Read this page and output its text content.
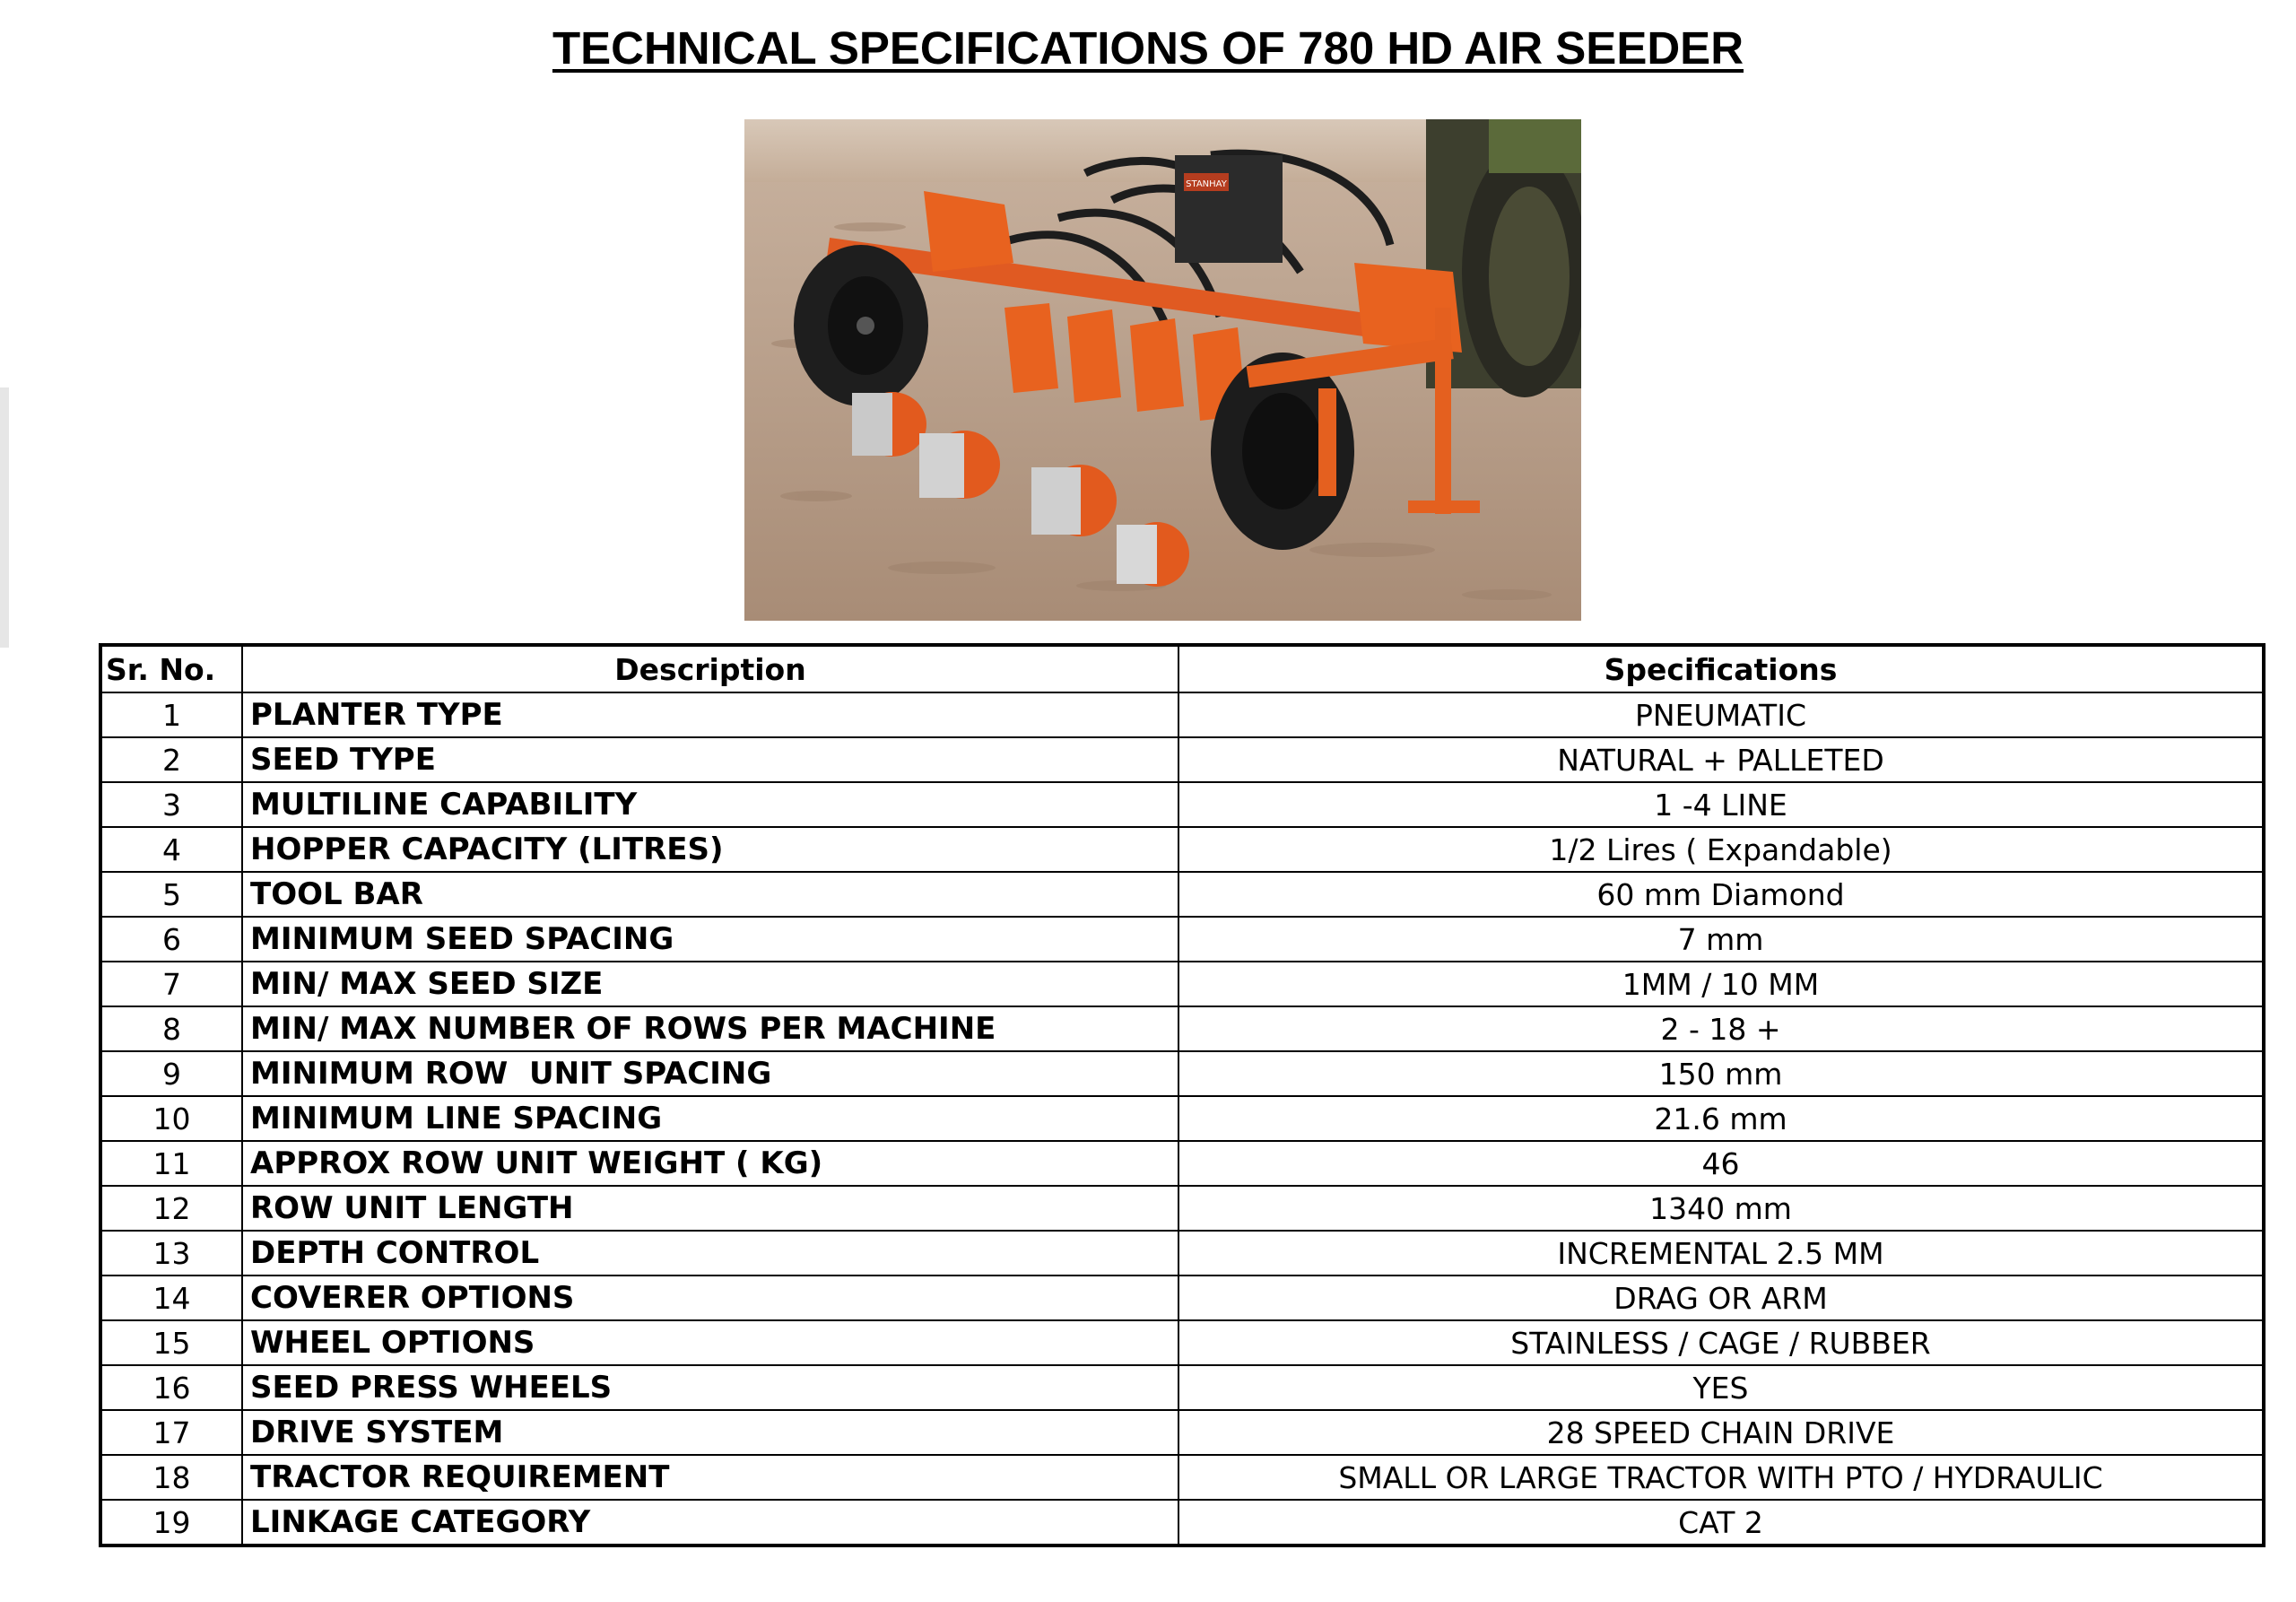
TECHNICAL SPECIFICATIONS OF 780 HD AIR SEEDER
STANHAY
Sr. No.	Description	Specifications
1	PLANTER TYPE	PNEUMATIC
2	SEED TYPE	NATURAL + PALLETED
3	MULTILINE CAPABILITY	1 -4 LINE
4	HOPPER CAPACITY (LITRES)	1/2 Lires ( Expandable)
5	TOOL BAR	60 mm Diamond
6	MINIMUM SEED SPACING	7 mm
7	MIN/ MAX SEED SIZE	1MM / 10 MM
8	MIN/ MAX NUMBER OF ROWS PER MACHINE	2 - 18 +
9	MINIMUM ROW  UNIT SPACING	150 mm
10	MINIMUM LINE SPACING	21.6 mm
11	APPROX ROW UNIT WEIGHT ( KG)	46
12	ROW UNIT LENGTH	1340 mm
13	DEPTH CONTROL	INCREMENTAL 2.5 MM
14	COVERER OPTIONS	DRAG OR ARM
15	WHEEL OPTIONS	STAINLESS / CAGE / RUBBER
16	SEED PRESS WHEELS	YES
17	DRIVE SYSTEM	28 SPEED CHAIN DRIVE
18	TRACTOR REQUIREMENT	SMALL OR LARGE TRACTOR WITH PTO / HYDRAULIC
19	LINKAGE CATEGORY	CAT 2
